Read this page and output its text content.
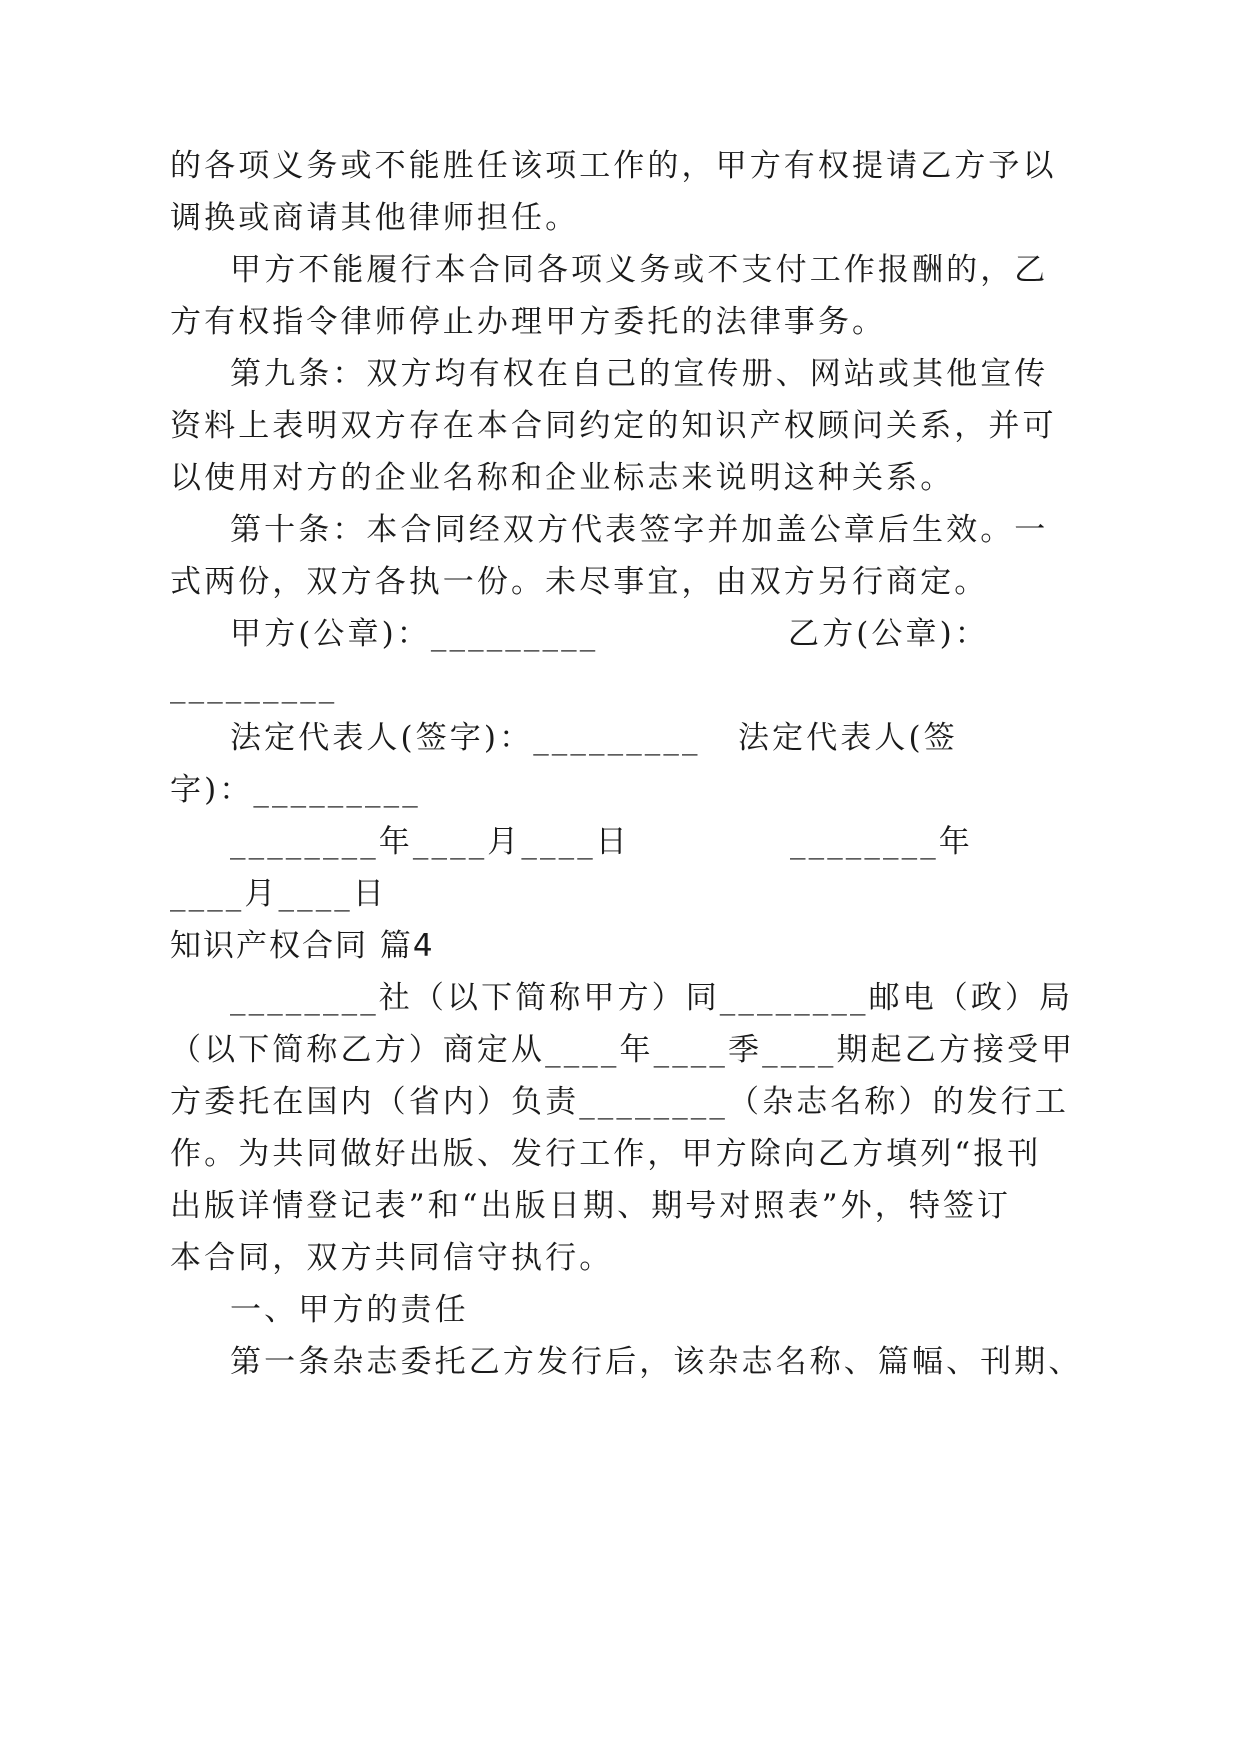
的各项义务或不能胜任该项工作的，甲方有权提请乙方予以
调换或商请其他律师担任。
甲方不能履行本合同各项义务或不支付工作报酬的，乙
方有权指令律师停止办理甲方委托的法律事务。
第九条：双方均有权在自己的宣传册、网站或其他宣传
资料上表明双方存在本合同约定的知识产权顾问关系，并可
以使用对方的企业名称和企业标志来说明这种关系。
第十条：本合同经双方代表签字并加盖公章后生效。一
式两份，双方各执一份。未尽事宜，由双方另行商定。
甲方(公章)：_________	乙方(公章)：
_________
法定代表人(签字)：_________	法定代表人(签
字)：_________
________年____月____日	________年
____月____日
知识产权合同 篇4
________社（以下简称甲方）同________邮电（政）局
（以下简称乙方）商定从____年____季____期起乙方接受甲
方委托在国内（省内）负责________（杂志名称）的发行工
作。为共同做好出版、发行工作，甲方除向乙方填列“报刊
出版详情登记表”和“出版日期、期号对照表”外，特签订
本合同，双方共同信守执行。
一、甲方的责任
第一条杂志委托乙方发行后，该杂志名称、篇幅、刊期、
